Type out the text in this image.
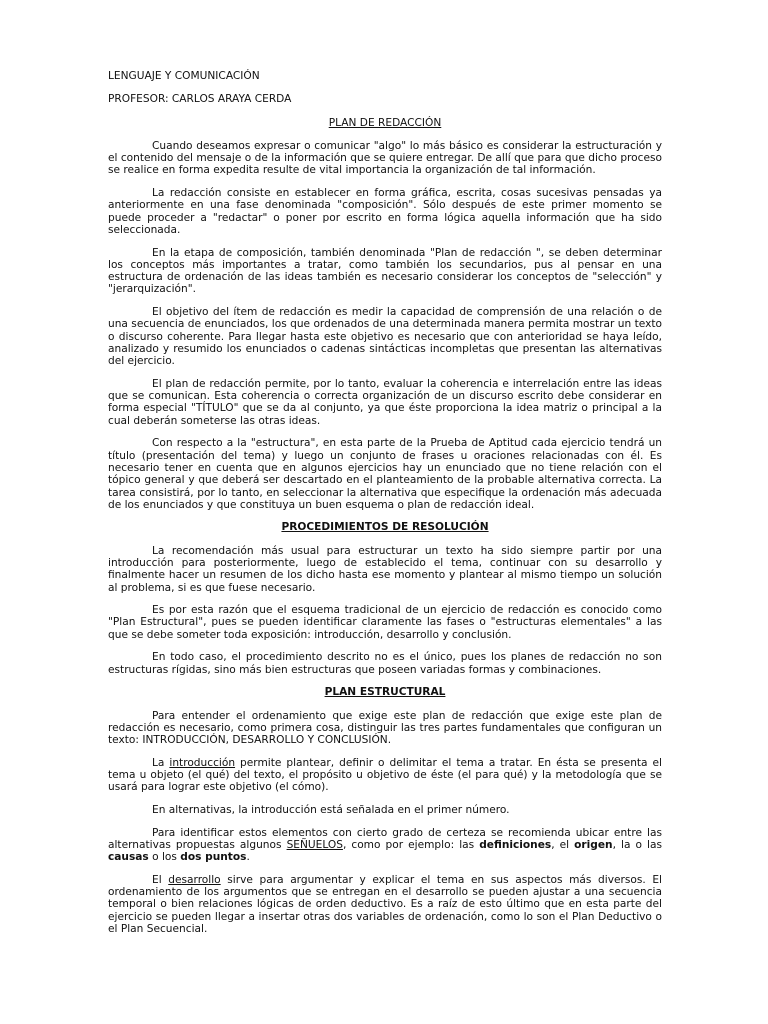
LENGUAJE Y COMUNICACIÓN
PROFESOR: CARLOS ARAYA CERDA
PLAN DE REDACCIÓN

Cuando deseamos expresar o comunicar "algo" lo más básico es considerar la estructuración y el contenido del mensaje o de la información que se quiere entregar. De allí que para que dicho proceso se realice en forma expedita resulte de vital importancia la organización de tal información.

La redacción consiste en establecer en forma gráfica, escrita, cosas sucesivas pensadas ya anteriormente en una fase denominada "composición". Sólo después de este primer momento se puede proceder a "redactar" o poner por escrito en forma lógica aquella información que ha sido seleccionada.

En la etapa de composición, también denominada "Plan de redacción ", se deben determinar los conceptos más importantes a tratar, como también los secundarios, pus al pensar en una estructura de ordenación de las ideas también es necesario considerar los conceptos de "selección" y "jerarquización".

El objetivo del ítem de redacción es medir la capacidad de comprensión de una relación o de una secuencia de enunciados, los que ordenados de una determinada manera permita mostrar un texto o discurso coherente. Para llegar hasta este objetivo es necesario que con anterioridad se haya leído, analizado y resumido los enunciados o cadenas sintácticas incompletas que presentan las alternativas del ejercicio.

El plan de redacción permite, por lo tanto, evaluar la coherencia e interrelación entre las ideas que se comunican. Esta coherencia o correcta organización de un discurso escrito debe considerar en forma especial "TÍTULO" que se da al conjunto, ya que éste proporciona la idea matriz o principal a la cual deberán someterse las otras ideas.

Con respecto a la "estructura", en esta parte de la Prueba de Aptitud cada ejercicio tendrá un título (presentación del tema) y luego un conjunto de frases u oraciones relacionadas con él. Es necesario tener en cuenta que en algunos ejercicios hay un enunciado que no tiene relación con el tópico general y que deberá ser descartado en el planteamiento de la probable alternativa correcta. La tarea consistirá, por lo tanto, en seleccionar la alternativa que especifique la ordenación más adecuada de los enunciados y que constituya un buen esquema o plan de redacción ideal.

PROCEDIMIENTOS DE RESOLUCIÓN

La recomendación más usual para estructurar un texto ha sido siempre partir por una introducción para posteriormente, luego de establecido el tema, continuar con su desarrollo y finalmente hacer un resumen de los dicho hasta ese momento y plantear al mismo tiempo un solución al problema, si es que fuese necesario.

Es por esta razón que el esquema tradicional de un ejercicio de redacción es conocido como "Plan Estructural", pues se pueden identificar claramente las fases o "estructuras elementales" a las que se debe someter toda exposición: introducción, desarrollo y conclusión.

En todo caso, el procedimiento descrito no es el único, pues los planes de redacción no son estructuras rígidas, sino más bien estructuras que poseen variadas formas y combinaciones.

PLAN ESTRUCTURAL

Para entender el ordenamiento que exige este plan de redacción que exige este plan de redacción es necesario, como primera cosa, distinguir las tres partes fundamentales que configuran un texto: INTRODUCCIÓN, DESARROLLO Y CONCLUSIÓN.

La introducción permite plantear, definir o delimitar el tema a tratar. En ésta se presenta el tema u objeto (el qué) del texto, el propósito u objetivo de éste (el para qué) y la metodología que se usará para lograr este objetivo (el cómo).

En alternativas, la introducción está señalada en el primer número.

Para identificar estos elementos con cierto grado de certeza se recomienda ubicar entre las alternativas propuestas algunos SEÑUELOS, como por ejemplo: las definiciones, el origen, la o las causas o los dos puntos.

El desarrollo sirve para argumentar y explicar el tema en sus aspectos más diversos. El ordenamiento de los argumentos que se entregan en el desarrollo se pueden ajustar a una secuencia temporal o bien relaciones lógicas de orden deductivo. Es a raíz de esto último que en esta parte del ejercicio se pueden llegar a insertar otras dos variables de ordenación, como lo son el Plan Deductivo o el Plan Secuencial.
